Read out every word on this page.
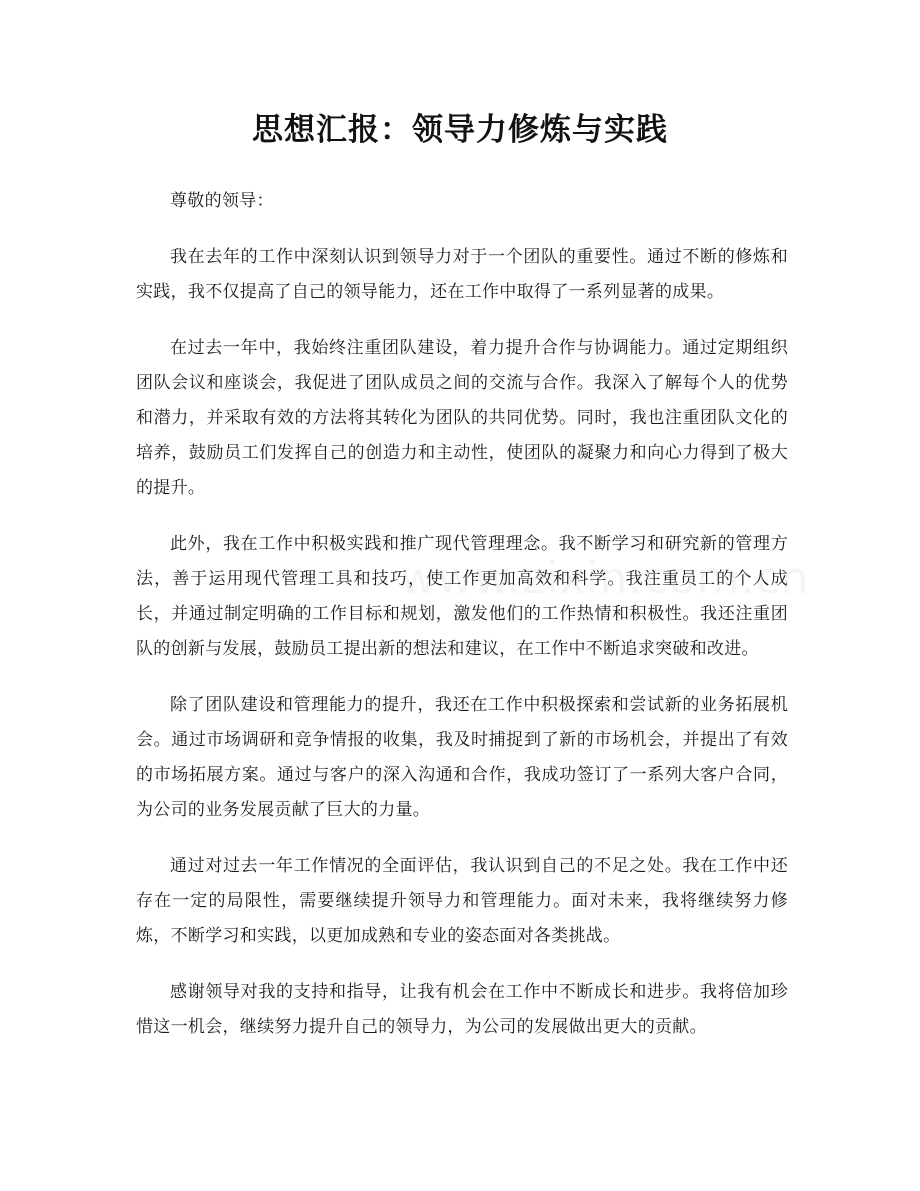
思想汇报：领导力修炼与实践

尊敬的领导：

我在去年的工作中深刻认识到领导力对于一个团队的重要性。通过不断的修炼和实践，我不仅提高了自己的领导能力，还在工作中取得了一系列显著的成果。

在过去一年中，我始终注重团队建设，着力提升合作与协调能力。通过定期组织团队会议和座谈会，我促进了团队成员之间的交流与合作。我深入了解每个人的优势和潜力，并采取有效的方法将其转化为团队的共同优势。同时，我也注重团队文化的培养，鼓励员工们发挥自己的创造力和主动性，使团队的凝聚力和向心力得到了极大的提升。

此外，我在工作中积极实践和推广现代管理理念。我不断学习和研究新的管理方法，善于运用现代管理工具和技巧，使工作更加高效和科学。我注重员工的个人成长，并通过制定明确的工作目标和规划，激发他们的工作热情和积极性。我还注重团队的创新与发展，鼓励员工提出新的想法和建议，在工作中不断追求突破和改进。

除了团队建设和管理能力的提升，我还在工作中积极探索和尝试新的业务拓展机会。通过市场调研和竞争情报的收集，我及时捕捉到了新的市场机会，并提出了有效的市场拓展方案。通过与客户的深入沟通和合作，我成功签订了一系列大客户合同，为公司的业务发展贡献了巨大的力量。

通过对过去一年工作情况的全面评估，我认识到自己的不足之处。我在工作中还存在一定的局限性，需要继续提升领导力和管理能力。面对未来，我将继续努力修炼，不断学习和实践，以更加成熟和专业的姿态面对各类挑战。

感谢领导对我的支持和指导，让我有机会在工作中不断成长和进步。我将倍加珍惜这一机会，继续努力提升自己的领导力，为公司的发展做出更大的贡献。
